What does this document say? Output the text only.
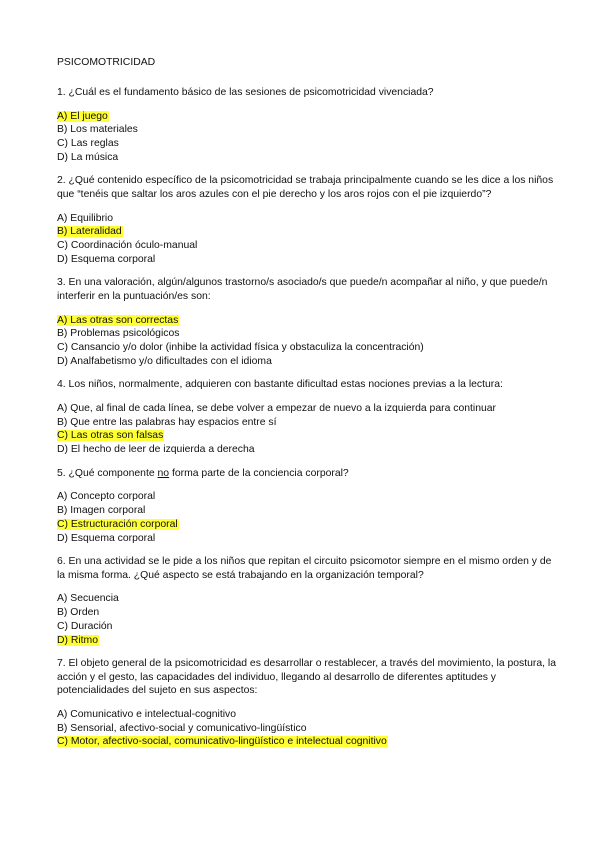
PSICOMOTRICIDAD
1. ¿Cuál es el fundamento básico de las sesiones de psicomotricidad vivenciada?
A) El juego
B) Los materiales
C) Las reglas
D) La música
2. ¿Qué contenido específico de la psicomotricidad se trabaja principalmente cuando se les dice a los niños que “tenéis que saltar los aros azules con el pie derecho y los aros rojos con el pie izquierdo”?
A) Equilibrio
B) Lateralidad
C) Coordinación óculo-manual
D) Esquema corporal
3. En una valoración, algún/algunos trastorno/s asociado/s que puede/n acompañar al niño, y que puede/n interferir en la puntuación/es son:
A) Las otras son correctas
B) Problemas psicológicos
C) Cansancio y/o dolor (inhibe la actividad física y obstaculiza la concentración)
D) Analfabetismo y/o dificultades con el idioma
4. Los niños, normalmente, adquieren con bastante dificultad estas nociones previas a la lectura:
A) Que, al final de cada línea, se debe volver a empezar de nuevo a la izquierda para continuar
B) Que entre las palabras hay espacios entre sí
C) Las otras son falsas
D) El hecho de leer de izquierda a derecha
5. ¿Qué componente no forma parte de la conciencia corporal?
A) Concepto corporal
B) Imagen corporal
C) Estructuración corporal
D) Esquema corporal
6. En una actividad se le pide a los niños que repitan el circuito psicomotor siempre en el mismo orden y de la misma forma. ¿Qué aspecto se está trabajando en la organización temporal?
A) Secuencia
B) Orden
C) Duración
D) Ritmo
7. El objeto general de la psicomotricidad es desarrollar o restablecer, a través del movimiento, la postura, la acción y el gesto, las capacidades del individuo, llegando al desarrollo de diferentes aptitudes y potencialidades del sujeto en sus aspectos:
A) Comunicativo e intelectual-cognitivo
B) Sensorial, afectivo-social y comunicativo-lingüístico
C) Motor, afectivo-social, comunicativo-lingüístico e intelectual cognitivo
